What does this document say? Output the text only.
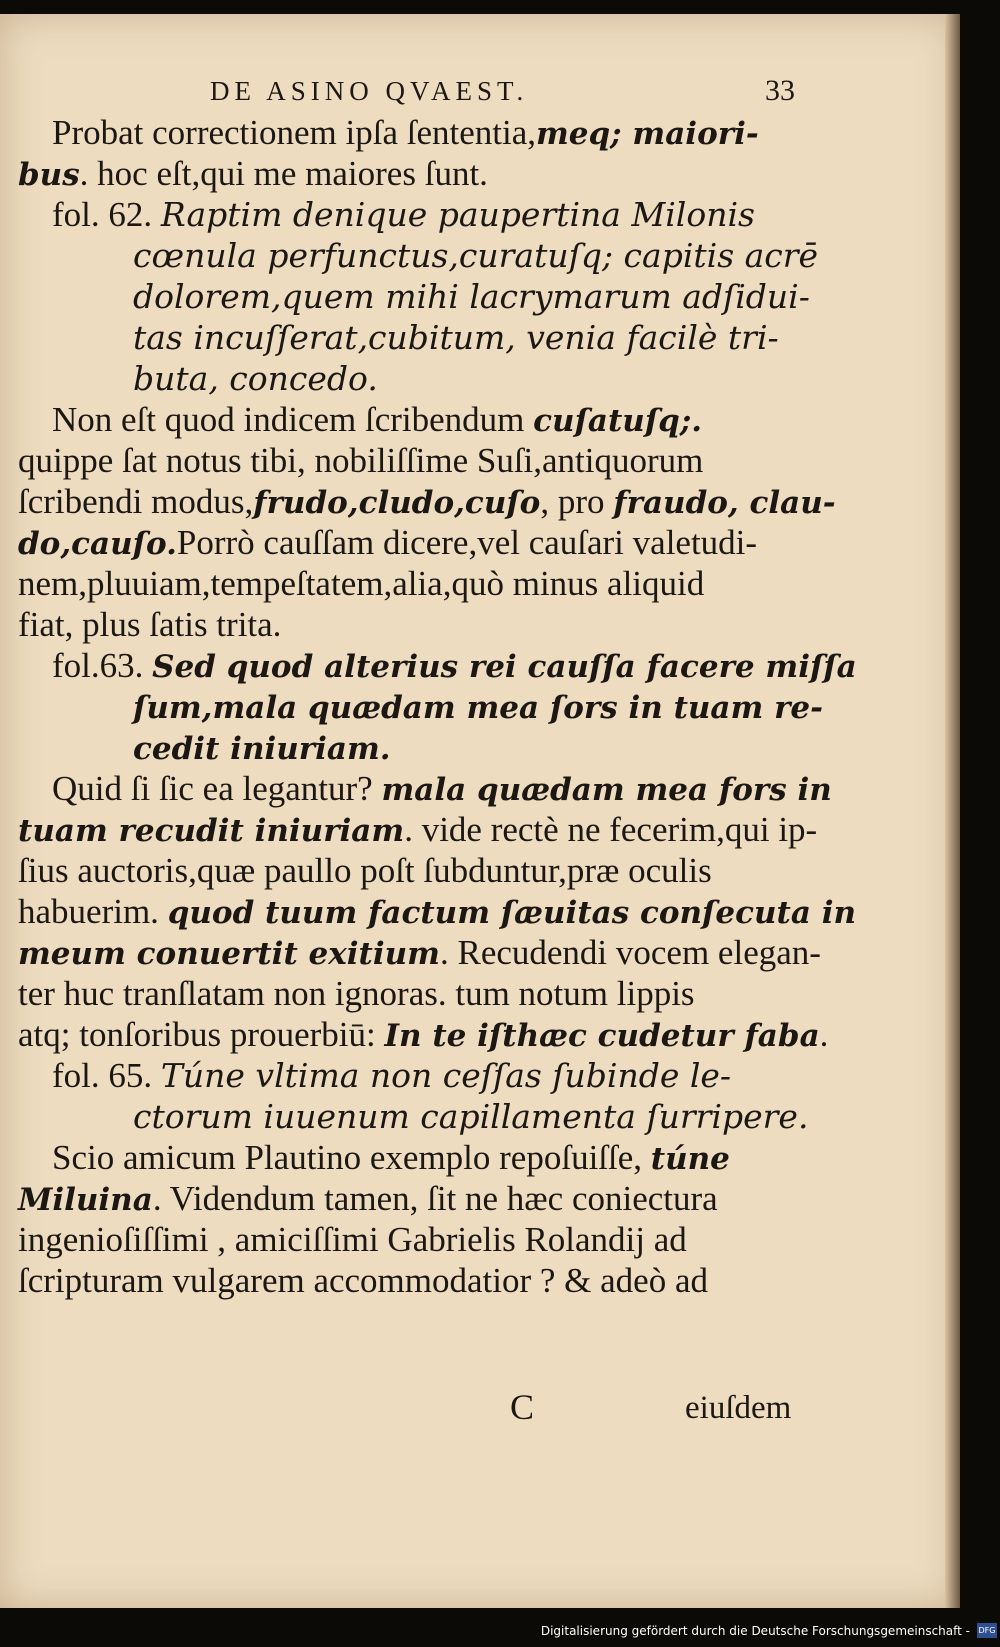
DE ASINO QVAEST.	33
Probat correctionem ipſa ſententia,meq; maiori-
bus. hoc eſt,qui me maiores ſunt.
fol. 62. Raptim denique paupertina Milonis
cœnula perfunctus,curatuſq; capitis acrē
dolorem,quem mihi lacrymarum adſidui-
tas incuſſerat,cubitum, venia facilè tri-
buta, concedo.
Non eſt quod indicem ſcribendum cuſatuſq;.
quippe ſat notus tibi, nobiliſſime Suſi,antiquorum
ſcribendi modus,frudo,cludo,cuſo, pro fraudo, clau-
do,cauſo.Porrò cauſſam dicere,vel cauſari valetudi-
nem,pluuiam,tempeſtatem,alia,quò minus aliquid
fiat, plus ſatis trita.
fol.63. Sed quod alterius rei cauſſa facere miſſa
ſum,mala quædam mea ſors in tuam re-
cedit iniuriam.
Quid ſi ſic ea legantur? mala quædam mea fors in
tuam recudit iniuriam. vide rectè ne fecerim,qui ip-
ſius auctoris,quæ paullo poſt ſubduntur,præ oculis
habuerim. quod tuum factum ſæuitas conſecuta in
meum conuertit exitium. Recudendi vocem elegan-
ter huc tranſlatam non ignoras. tum notum lippis
atq; tonſoribus prouerbiū: In te iſthæc cudetur faba.
fol. 65. Túne vltima non ceſſas ſubinde le-
ctorum iuuenum capillamenta ſurripere.
Scio amicum Plautino exemplo repoſuiſſe, túne
Miluina. Videndum tamen, ſit ne hæc coniectura
ingenioſiſſimi , amiciſſimi Gabrielis Rolandij ad
ſcripturam vulgarem accommodatior ? & adeò ad
C	eiuſdem
Digitalisierung gefördert durch die Deutsche Forschungsgemeinschaft - DFG
